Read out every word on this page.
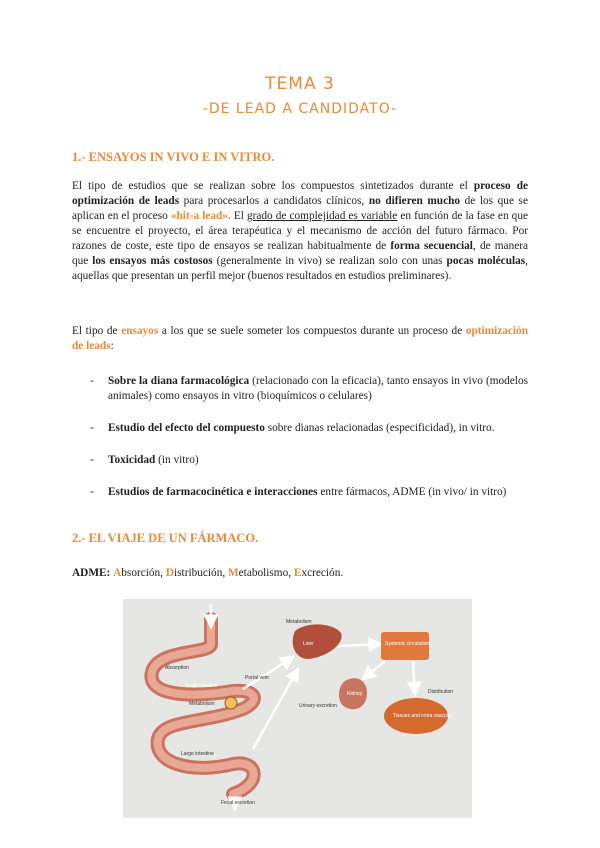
TEMA 3
-DE LEAD A CANDIDATO-
1.- ENSAYOS IN VIVO E IN VITRO.

El tipo de estudios que se realizan sobre los compuestos sintetizados durante el proceso de optimización de leads para procesarlos a candidatos clínicos, no difieren mucho de los que se aplican en el proceso «hit-a lead». El grado de complejidad es variable en función de la fase en que se encuentre el proyecto, el área terapéutica y el mecanismo de acción del futuro fármaco. Por razones de coste, este tipo de ensayos se realizan habitualmente de forma secuencial, de manera que los ensayos más costosos (generalmente in vivo) se realizan solo con unas pocas moléculas, aquellas que presentan un perfil mejor (buenos resultados en estudios preliminares).

El tipo de ensayos a los que se suele someter los compuestos durante un proceso de optimización de leads:

- Sobre la diana farmacológica (relacionado con la eficacia), tanto ensayos in vivo (modelos animales) como ensayos in vitro (bioquímicos o celulares)
- Estudio del efecto del compuesto sobre dianas relacionadas (especificidad), in vitro.
- Toxicidad (in vitro)
- Estudios de farmacocinética e interacciones entre fármacos, ADME (in vivo/ in vitro)
2.- EL VIAJE DE UN FÁRMACO.

ADME: Absorción, Distribución, Metabolismo, Excreción.

Metabolism
Liver	Systemic circulation
Absorption
Small intestine
Portal vein
Metabolism	Urinary excretion
Kidney	Distribution
Tissues and extra vascular
Large intestine
Fecal excretion
